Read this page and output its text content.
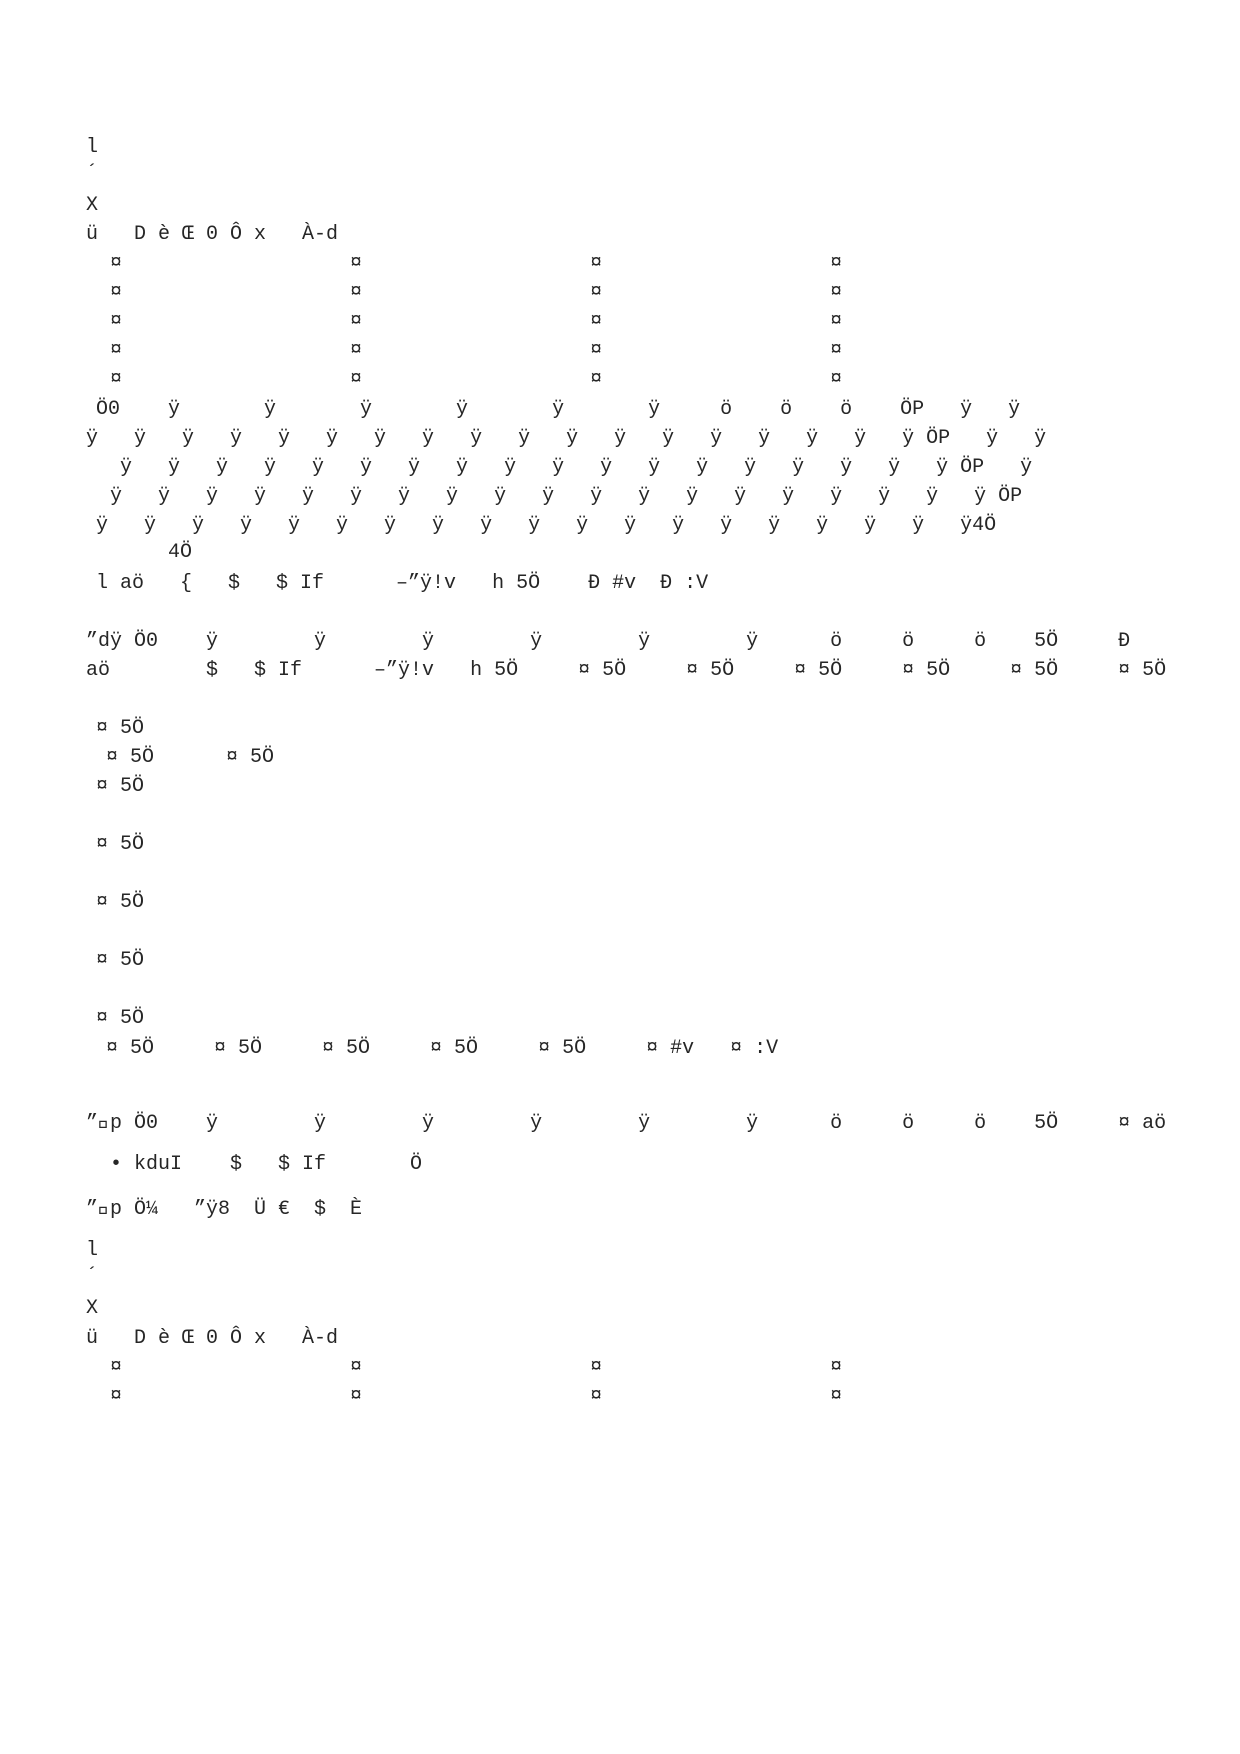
l
´
X
ü   D è Œ 0 Ô x   À-d
¤                   ¤                   ¤                   ¤
¤                   ¤                   ¤                   ¤
¤                   ¤                   ¤                   ¤
¤                   ¤                   ¤                   ¤
¤                   ¤                   ¤                   ¤
Ö0    ÿ       ÿ       ÿ       ÿ       ÿ       ÿ     ö    ö    ö    ÖP   ÿ   ÿ
ÿ   ÿ   ÿ   ÿ   ÿ   ÿ   ÿ   ÿ   ÿ   ÿ   ÿ   ÿ   ÿ   ÿ   ÿ   ÿ   ÿ   ÿ ÖP   ÿ   ÿ
ÿ   ÿ   ÿ   ÿ   ÿ   ÿ   ÿ   ÿ   ÿ   ÿ   ÿ   ÿ   ÿ   ÿ   ÿ   ÿ   ÿ   ÿ ÖP   ÿ
ÿ   ÿ   ÿ   ÿ   ÿ   ÿ   ÿ   ÿ   ÿ   ÿ   ÿ   ÿ   ÿ   ÿ   ÿ   ÿ   ÿ   ÿ   ÿ ÖP
ÿ   ÿ   ÿ   ÿ   ÿ   ÿ   ÿ   ÿ   ÿ   ÿ   ÿ   ÿ   ÿ   ÿ   ÿ   ÿ   ÿ   ÿ   ÿ4Ö
4Ö
l aö   {   $   $ If      –”ÿ!v   h 5Ö    Ð #v  Ð :V
”dÿ Ö0    ÿ        ÿ        ÿ        ÿ        ÿ        ÿ      ö     ö     ö    5Ö     Ð
aö        $   $ If      –”ÿ!v   h 5Ö     ¤ 5Ö     ¤ 5Ö     ¤ 5Ö     ¤ 5Ö     ¤ 5Ö     ¤ 5Ö
¤ 5Ö
¤ 5Ö      ¤ 5Ö
¤ 5Ö
¤ 5Ö
¤ 5Ö
¤ 5Ö
¤ 5Ö
¤ 5Ö     ¤ 5Ö     ¤ 5Ö     ¤ 5Ö     ¤ 5Ö     ¤ #v   ¤ :V
” p Ö0    ÿ        ÿ        ÿ        ÿ        ÿ        ÿ      ö     ö     ö    5Ö     ¤ aö
• kduI    $   $ If       Ö
” p Ö¼   ”ÿ8  Ü €  $  È
l
´
X
ü   D è Œ 0 Ô x   À-d
¤                   ¤                   ¤                   ¤
¤                   ¤                   ¤                   ¤
